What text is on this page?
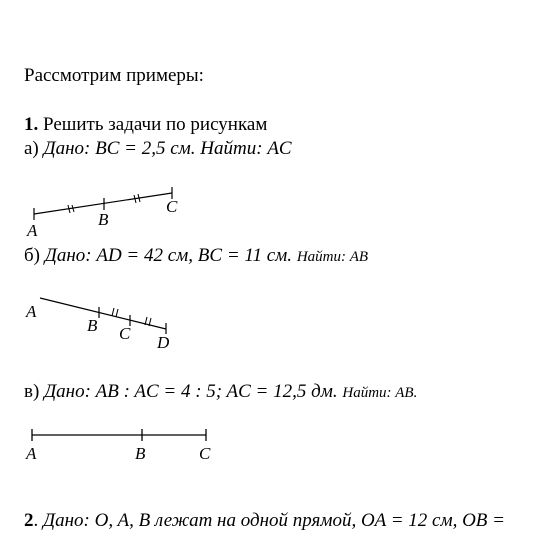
Рассмотрим примеры:
1. Решить задачи по рисункам
а) Дано: BC = 2,5 см. Найти: AC
A
B
C
б) Дано: AD = 42 см, BC = 11 см. Найти: AB
A
B C D
в) Дано: AB : AC = 4 : 5; AC = 12,5 дм. Найти: AB.
A	B	C
2. Дано: O, A, B лежат на одной прямой, OA = 12 см, OB =
